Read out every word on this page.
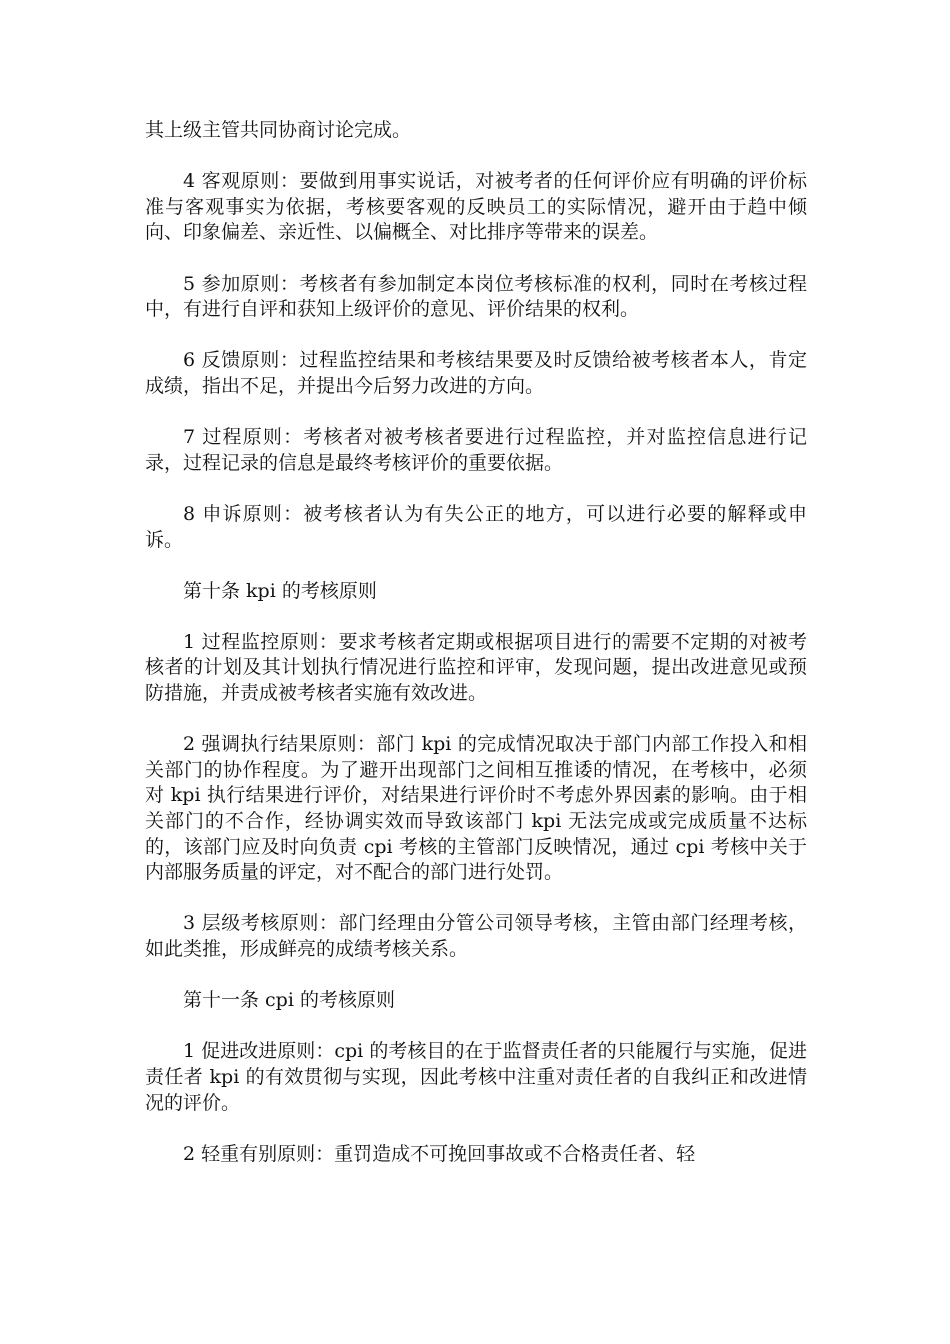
其上级主管共同协商讨论完成。

4 客观原则：要做到用事实说话，对被考者的任何评价应有明确的评价标准与客观事实为依据，考核要客观的反映员工的实际情况，避开由于趋中倾向、印象偏差、亲近性、以偏概全、对比排序等带来的误差。

5 参加原则：考核者有参加制定本岗位考核标准的权利，同时在考核过程中，有进行自评和获知上级评价的意见、评价结果的权利。

6 反馈原则：过程监控结果和考核结果要及时反馈给被考核者本人，肯定成绩，指出不足，并提出今后努力改进的方向。

7 过程原则：考核者对被考核者要进行过程监控，并对监控信息进行记录，过程记录的信息是最终考核评价的重要依据。

8 申诉原则：被考核者认为有失公正的地方，可以进行必要的解释或申诉。

第十条 kpi 的考核原则

1 过程监控原则：要求考核者定期或根据项目进行的需要不定期的对被考核者的计划及其计划执行情况进行监控和评审，发现问题，提出改进意见或预防措施，并责成被考核者实施有效改进。

2 强调执行结果原则：部门 kpi 的完成情况取决于部门内部工作投入和相关部门的协作程度。为了避开出现部门之间相互推诿的情况，在考核中，必须对 kpi 执行结果进行评价，对结果进行评价时不考虑外界因素的影响。由于相关部门的不合作，经协调实效而导致该部门 kpi 无法完成或完成质量不达标的，该部门应及时向负责 cpi 考核的主管部门反映情况，通过 cpi 考核中关于内部服务质量的评定，对不配合的部门进行处罚。

3 层级考核原则：部门经理由分管公司领导考核，主管由部门经理考核，如此类推，形成鲜亮的成绩考核关系。

第十一条 cpi 的考核原则

1 促进改进原则：cpi 的考核目的在于监督责任者的只能履行与实施，促进责任者 kpi 的有效贯彻与实现，因此考核中注重对责任者的自我纠正和改进情况的评价。

2 轻重有别原则：重罚造成不可挽回事故或不合格责任者、轻
